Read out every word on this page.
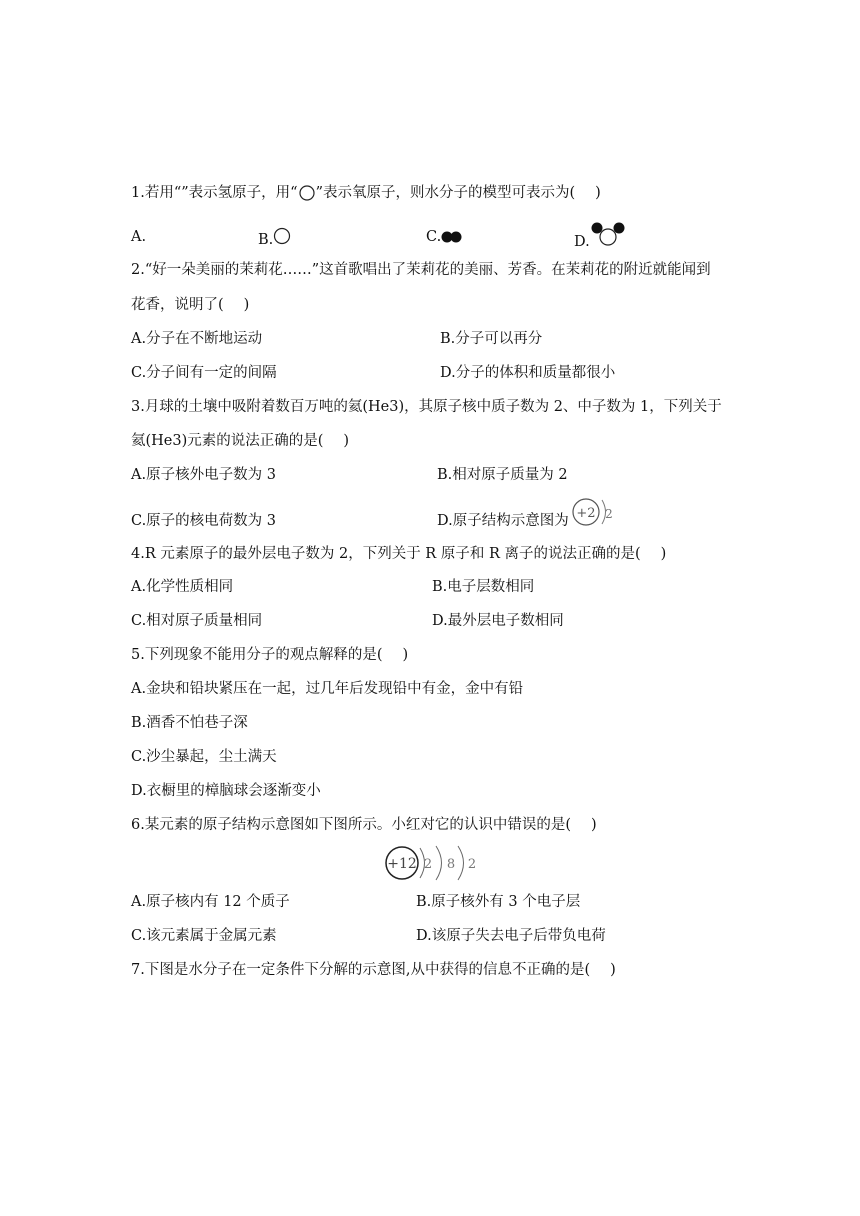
1.若用“”表示氢原子，用“ ”表示氧原子，则水分子的模型可表示为( )
A.	B.	C.	D.
2.“好一朵美丽的茉莉花……”这首歌唱出了茉莉花的美丽、芳香。在茉莉花的附近就能闻到
花香，说明了( )
A.分子在不断地运动	B.分子可以再分
C.分子间有一定的间隔	D.分子的体积和质量都很小
3.月球的土壤中吸附着数百万吨的氦(He3)，其原子核中质子数为 2、中子数为 1，下列关于
氦(He3)元素的说法正确的是( )
A.原子核外电子数为 3	B.相对原子质量为 2
C.原子的核电荷数为 3	D.原子结构示意图为 +2 2
4.R 元素原子的最外层电子数为 2，下列关于 R 原子和 R 离子的说法正确的是( )
A.化学性质相同	B.电子层数相同
C.相对原子质量相同	D.最外层电子数相同
5.下列现象不能用分子的观点解释的是( )
A.金块和铅块紧压在一起，过几年后发现铅中有金，金中有铅
B.酒香不怕巷子深
C.沙尘暴起，尘土满天
D.衣橱里的樟脑球会逐渐变小
6.某元素的原子结构示意图如下图所示。小红对它的认识中错误的是( )
+12 2 8 2
A.原子核内有 12 个质子	B.原子核外有 3 个电子层
C.该元素属于金属元素	D.该原子失去电子后带负电荷
7.下图是水分子在一定条件下分解的示意图,从中获得的信息不正确的是( )
